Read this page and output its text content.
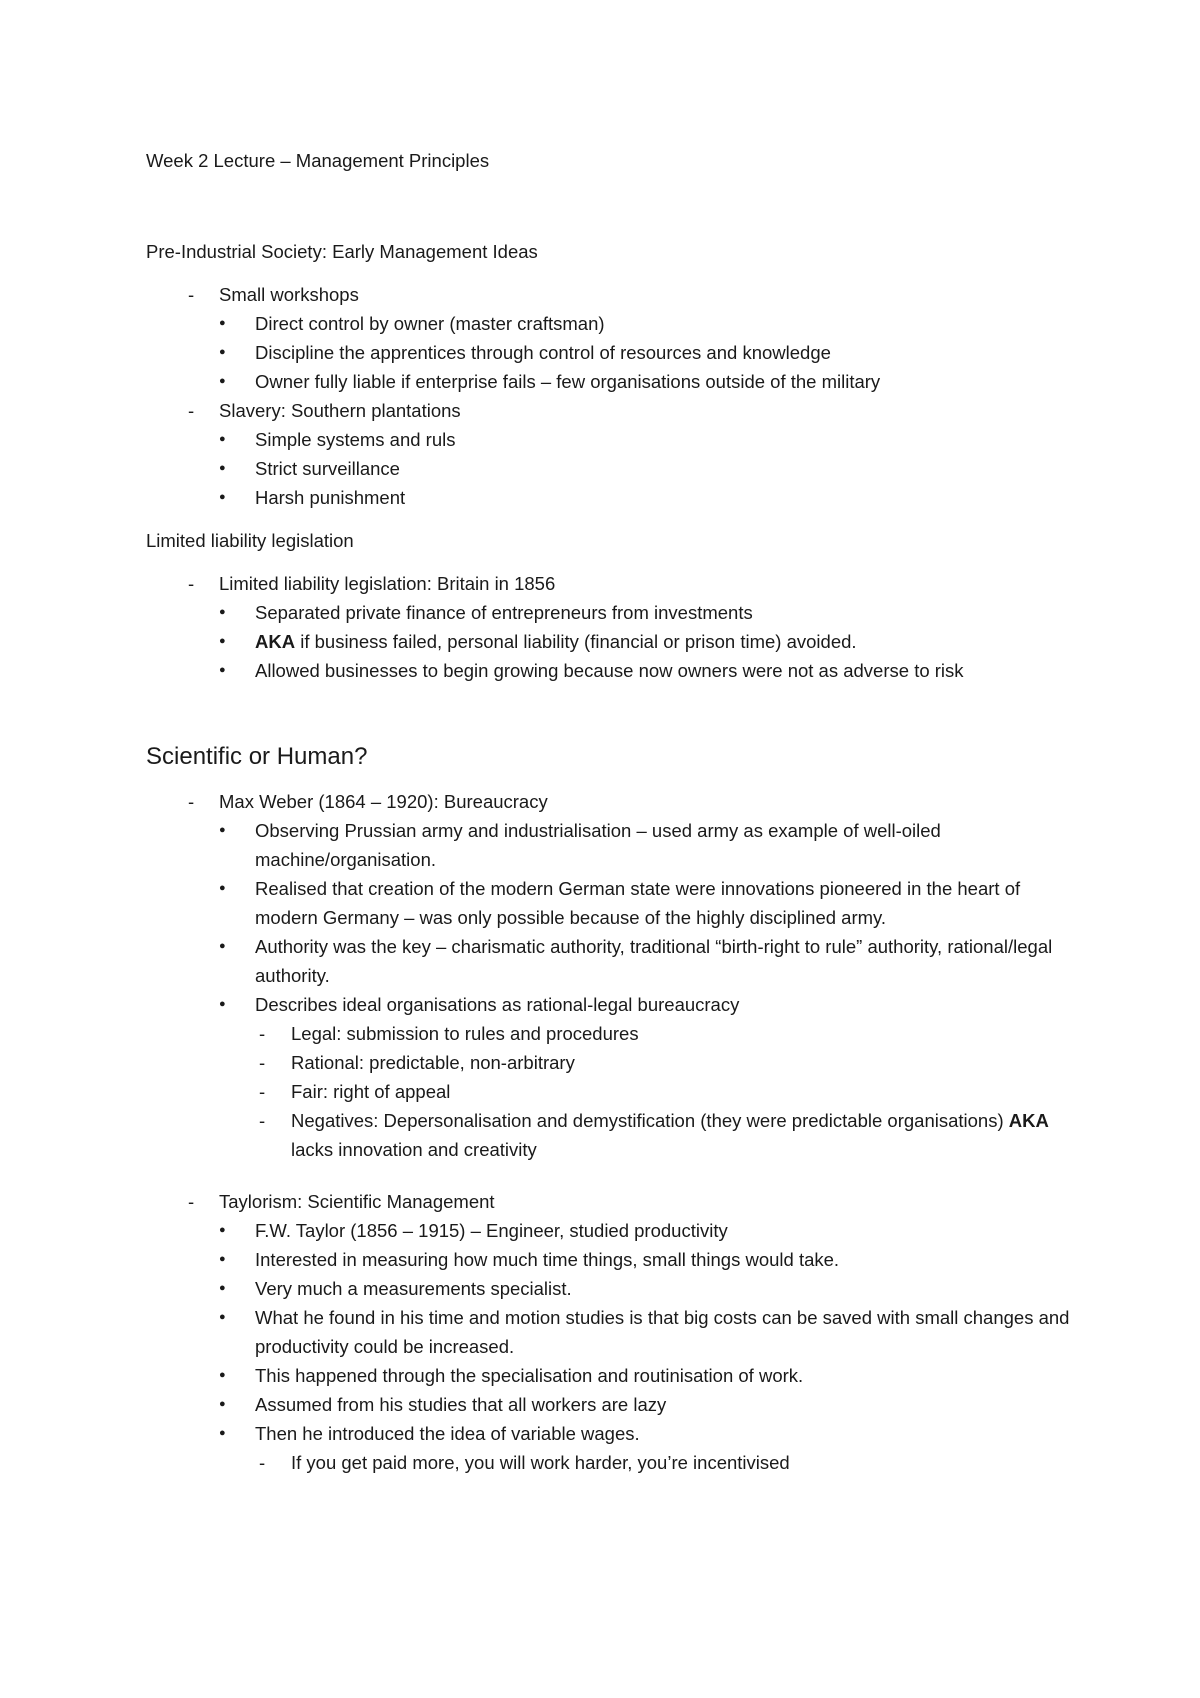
Week 2 Lecture – Management Principles

Pre-Industrial Society: Early Management Ideas

- Small workshops
● Direct control by owner (master craftsman)
● Discipline the apprentices through control of resources and knowledge
● Owner fully liable if enterprise fails – few organisations outside of the military
- Slavery: Southern plantations
● Simple systems and ruls
● Strict surveillance
● Harsh punishment

Limited liability legislation

- Limited liability legislation: Britain in 1856
● Separated private finance of entrepreneurs from investments
● AKA if business failed, personal liability (financial or prison time) avoided.
● Allowed businesses to begin growing because now owners were not as adverse to risk

Scientific or Human?

- Max Weber (1864 – 1920): Bureaucracy
● Observing Prussian army and industrialisation – used army as example of well-oiled machine/organisation.
● Realised that creation of the modern German state were innovations pioneered in the heart of modern Germany – was only possible because of the highly disciplined army.
● Authority was the key – charismatic authority, traditional “birth-right to rule” authority, rational/legal authority.
● Describes ideal organisations as rational-legal bureaucracy
- Legal: submission to rules and procedures
- Rational: predictable, non-arbitrary
- Fair: right of appeal
- Negatives: Depersonalisation and demystification (they were predictable organisations) AKA lacks innovation and creativity
- Taylorism: Scientific Management
● F.W. Taylor (1856 – 1915) – Engineer, studied productivity
● Interested in measuring how much time things, small things would take.
● Very much a measurements specialist.
● What he found in his time and motion studies is that big costs can be saved with small changes and productivity could be increased.
● This happened through the specialisation and routinisation of work.
● Assumed from his studies that all workers are lazy
● Then he introduced the idea of variable wages.
- If you get paid more, you will work harder, you’re incentivised
